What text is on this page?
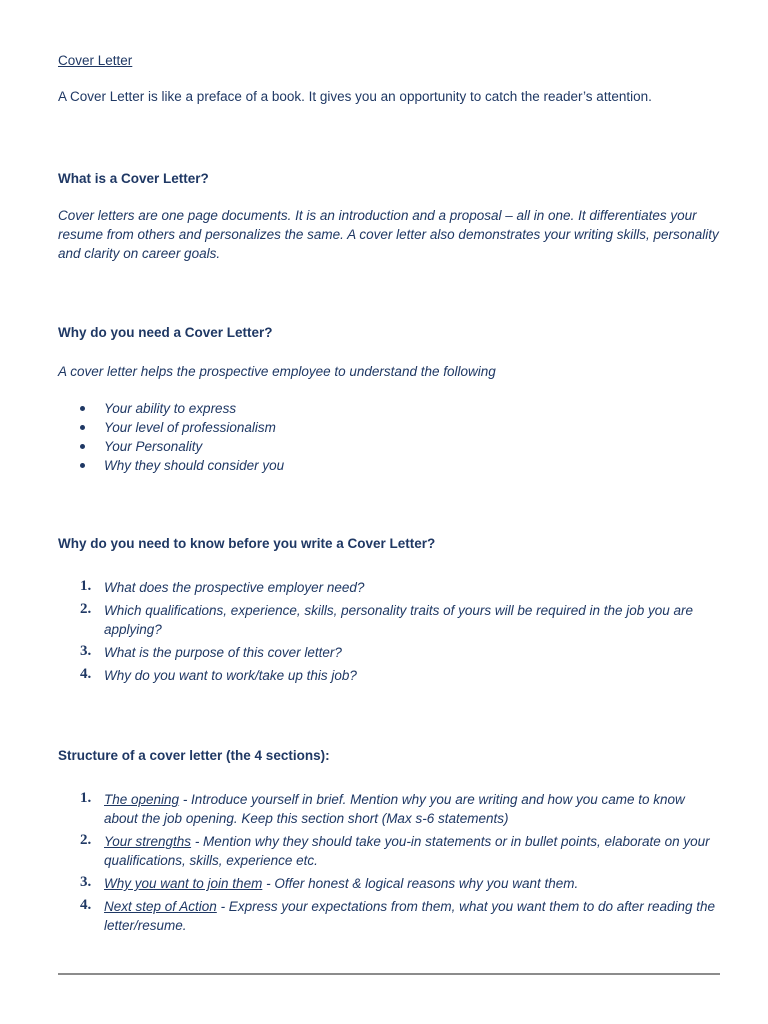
Cover Letter

A Cover Letter is like a preface of a book. It gives you an opportunity to catch the reader’s attention.

What is a Cover Letter?

Cover letters are one page documents. It is an introduction and a proposal – all in one. It differentiates your resume from others and personalizes the same. A cover letter also demonstrates your writing skills, personality and clarity on career goals.

Why do you need a Cover Letter?

A cover letter helps the prospective employee to understand the following

Your ability to express
Your level of professionalism
Your Personality
Why they should consider you
Why do you need to know before you write a Cover Letter?
1. What does the prospective employer need?
2. Which qualifications, experience, skills, personality traits of yours will be required in the job you are applying?
3. What is the purpose of this cover letter?
4. Why do you want to work/take up this job?
Structure of a cover letter (the 4 sections):
1. The opening - Introduce yourself in brief. Mention why you are writing and how you came to know about the job opening. Keep this section short (Max s-6 statements)
2. Your strengths - Mention why they should take you-in statements or in bullet points, elaborate on your qualifications, skills, experience etc.
3. Why you want to join them - Offer honest & logical reasons why you want them.
4. Next step of Action - Express your expectations from them, what you want them to do after reading the letter/resume.
